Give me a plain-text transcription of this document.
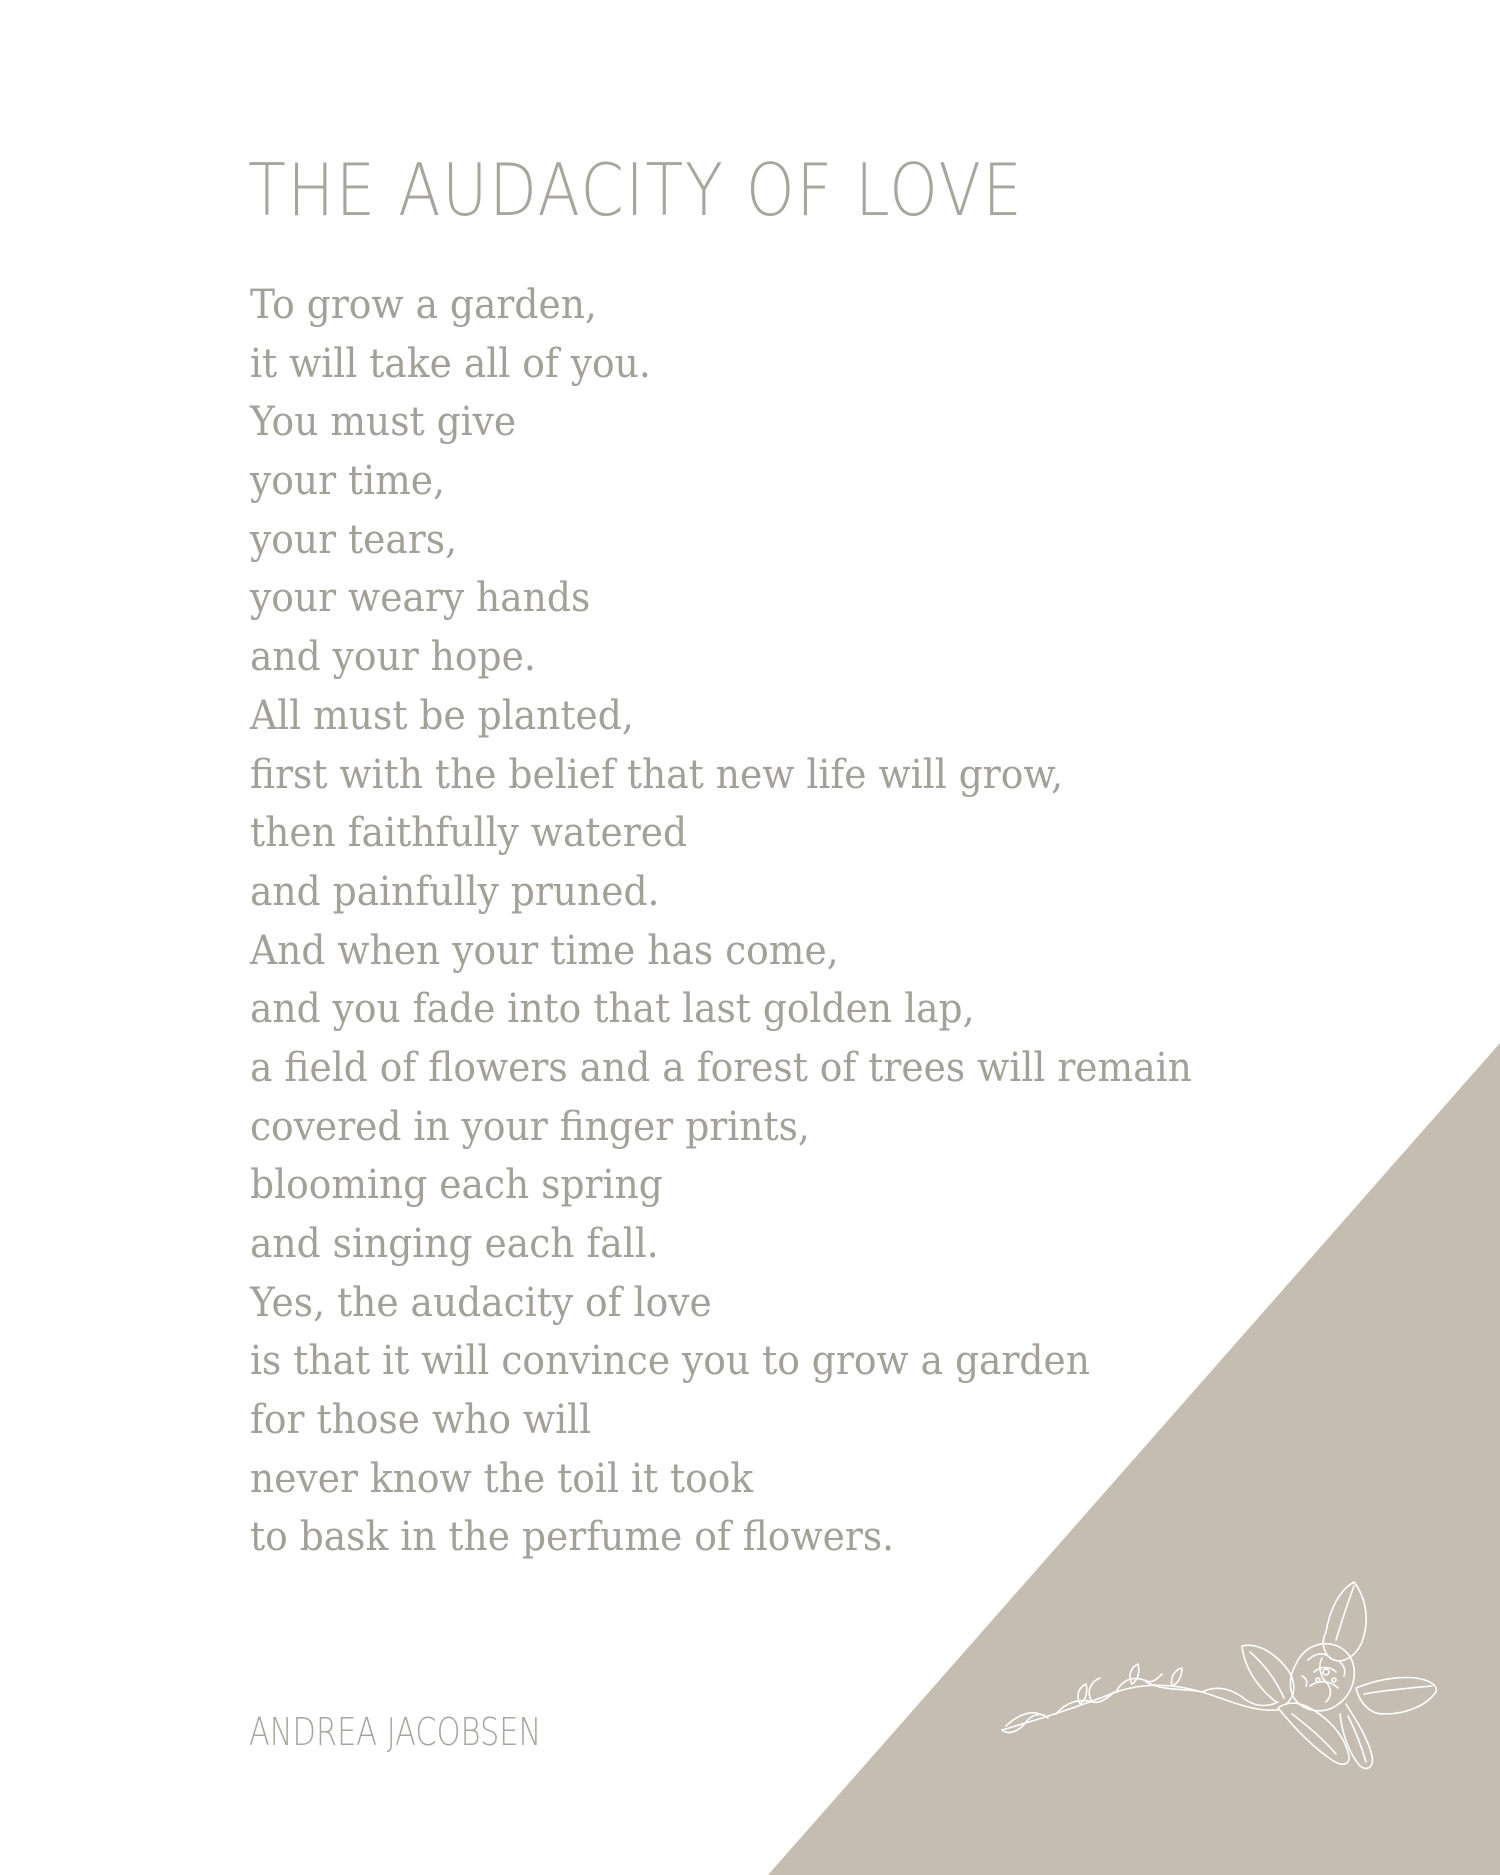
THE AUDACITY OF LOVE
To grow a garden,
it will take all of you.
You must give
your time,
your tears,
your weary hands
and your hope.
All must be planted,
first with the belief that new life will grow,
then faithfully watered
and painfully pruned.
And when your time has come,
and you fade into that last golden lap,
a field of flowers and a forest of trees will remain
covered in your finger prints,
blooming each spring
and singing each fall.
Yes, the audacity of love
is that it will convince you to grow a garden
for those who will
never know the toil it took
to bask in the perfume of flowers.

ANDREA JACOBSEN
